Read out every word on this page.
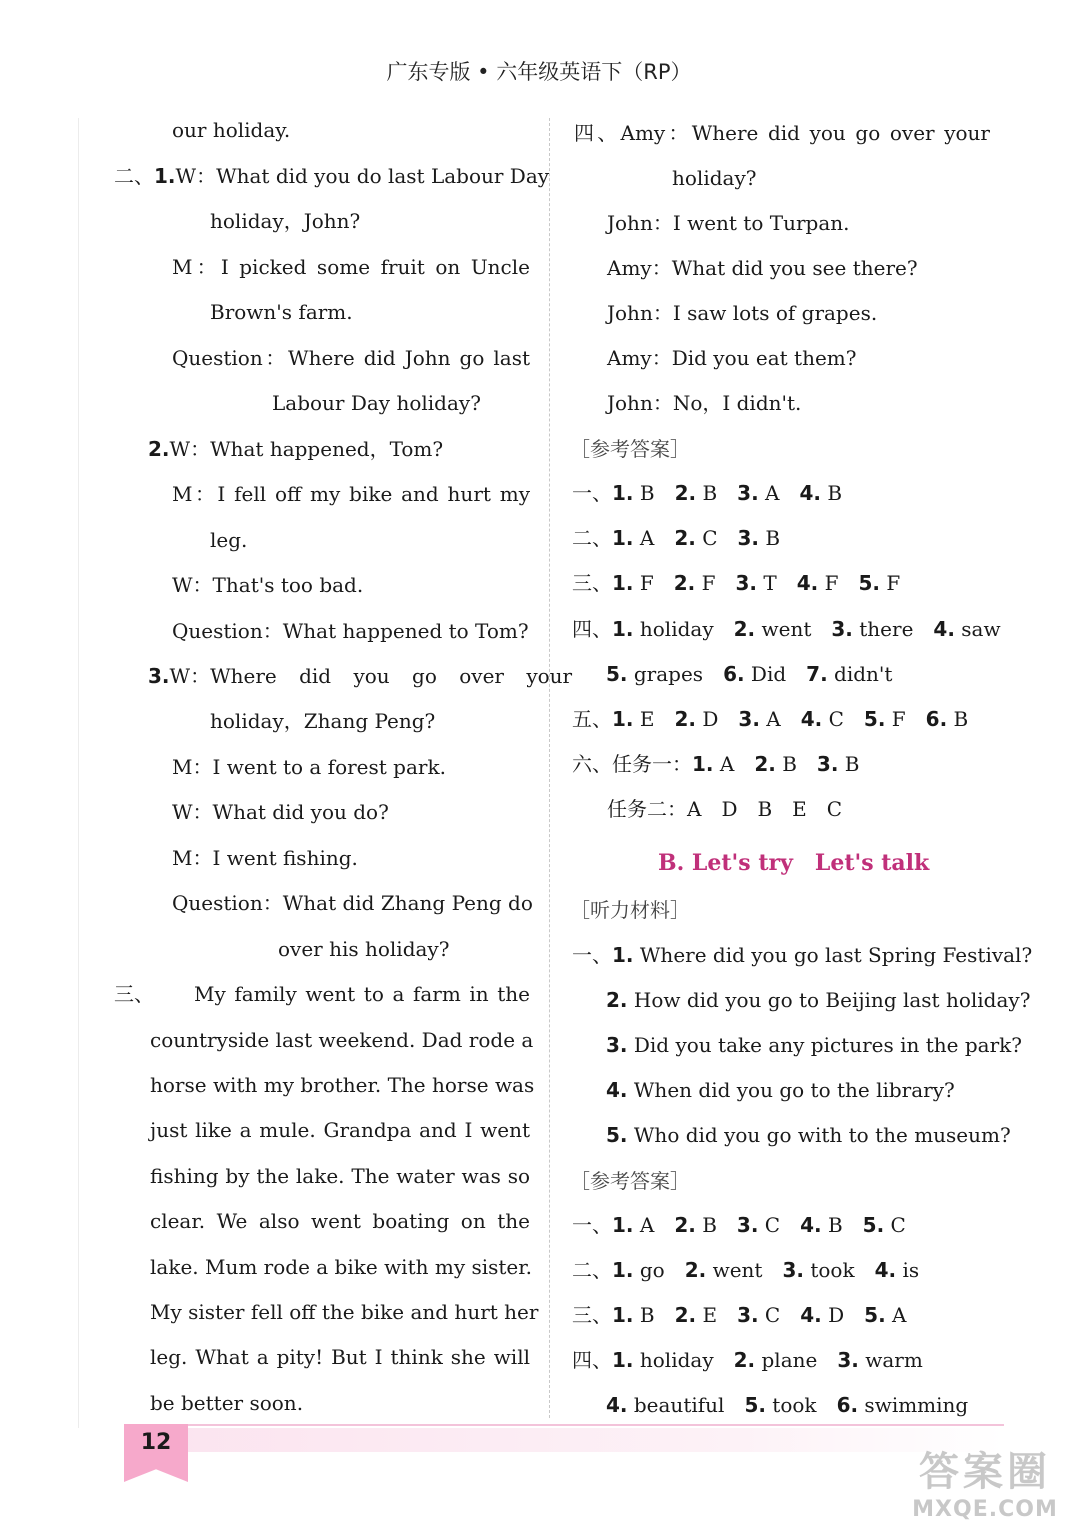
广东专版 • 六年级英语下（RP）
our holiday.
二、1.W：What did you do last Labour Day
holiday，John?
M：I picked some fruit on Uncle
Brown's farm.
Question：Where did John go last
Labour Day holiday?
2.W：What happened，Tom?
M：I fell off my bike and hurt my
leg.
W：That's too bad.
Question：What happened to Tom?
3.W：Where did you go over your
holiday，Zhang Peng?
M：I went to a forest park.
W：What did you do?
M：I went fishing.
Question：What did Zhang Peng do
over his holiday?
三、 My family went to a farm in the
countryside last weekend. Dad rode a
horse with my brother. The horse was
just like a mule. Grandpa and I went
fishing by the lake. The water was so
clear. We also went boating on the
lake. Mum rode a bike with my sister.
My sister fell off the bike and hurt her
leg. What a pity! But I think she will
be better soon.
四、Amy：Where did you go over your
holiday?
John：I went to Turpan.
Amy：What did you see there?
John：I saw lots of grapes.
Amy：Did you eat them?
John：No，I didn't.
［参考答案］
一、1. B 2. B 3. A 4. B
二、1. A 2. C 3. B
三、1. F 2. F 3. T 4. F 5. F
四、1. holiday 2. went 3. there 4. saw
5. grapes 6. Did 7. didn't
五、1. E 2. D 3. A 4. C 5. F 6. B
六、任务一：1. A 2. B 3. B
任务二：A　D　B　E　C
B. Let's try　Let's talk
［听力材料］
一、1. Where did you go last Spring Festival?
2. How did you go to Beijing last holiday?
3. Did you take any pictures in the park?
4. When did you go to the library?
5. Who did you go with to the museum?
［参考答案］
一、1. A 2. B 3. C 4. B 5. C
二、1. go 2. went 3. took 4. is
三、1. B 2. E 3. C 4. D 5. A
四、1. holiday 2. plane 3. warm
4. beautiful 5. took 6. swimming
12
答案圈
MXQE.COM
